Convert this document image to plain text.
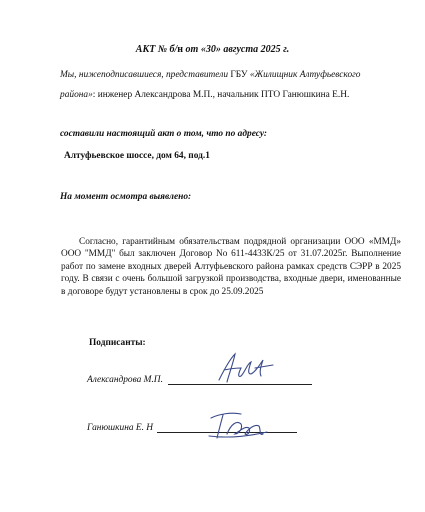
АКТ № б/н от «30» августа 2025 г.
Мы, нижеподписавшиеся, представители ГБУ «Жилищник Алтуфьевского
района»: инженер Александрова М.П., начальник ПТО Ганюшкина Е.Н.
составили настоящий акт о том, что по адресу:
Алтуфьевское шоссе, дом 64, под.1
На момент осмотра выявлено:
Согласно, гарантийным обязательствам подрядной организации ООО «ММД» ООО "ММД" был заключен Договор No 611-4433К/25 от 31.07.2025г. Выполнение работ по замене входных дверей Алтуфьевского района рамках средств СЭРР в 2025 году. В связи с очень большой загрузкой производства, входные двери, именованные в договоре будут установлены в срок до 25.09.2025
Подписанты:
Александрова М.П.
Ганюшкина Е. Н
